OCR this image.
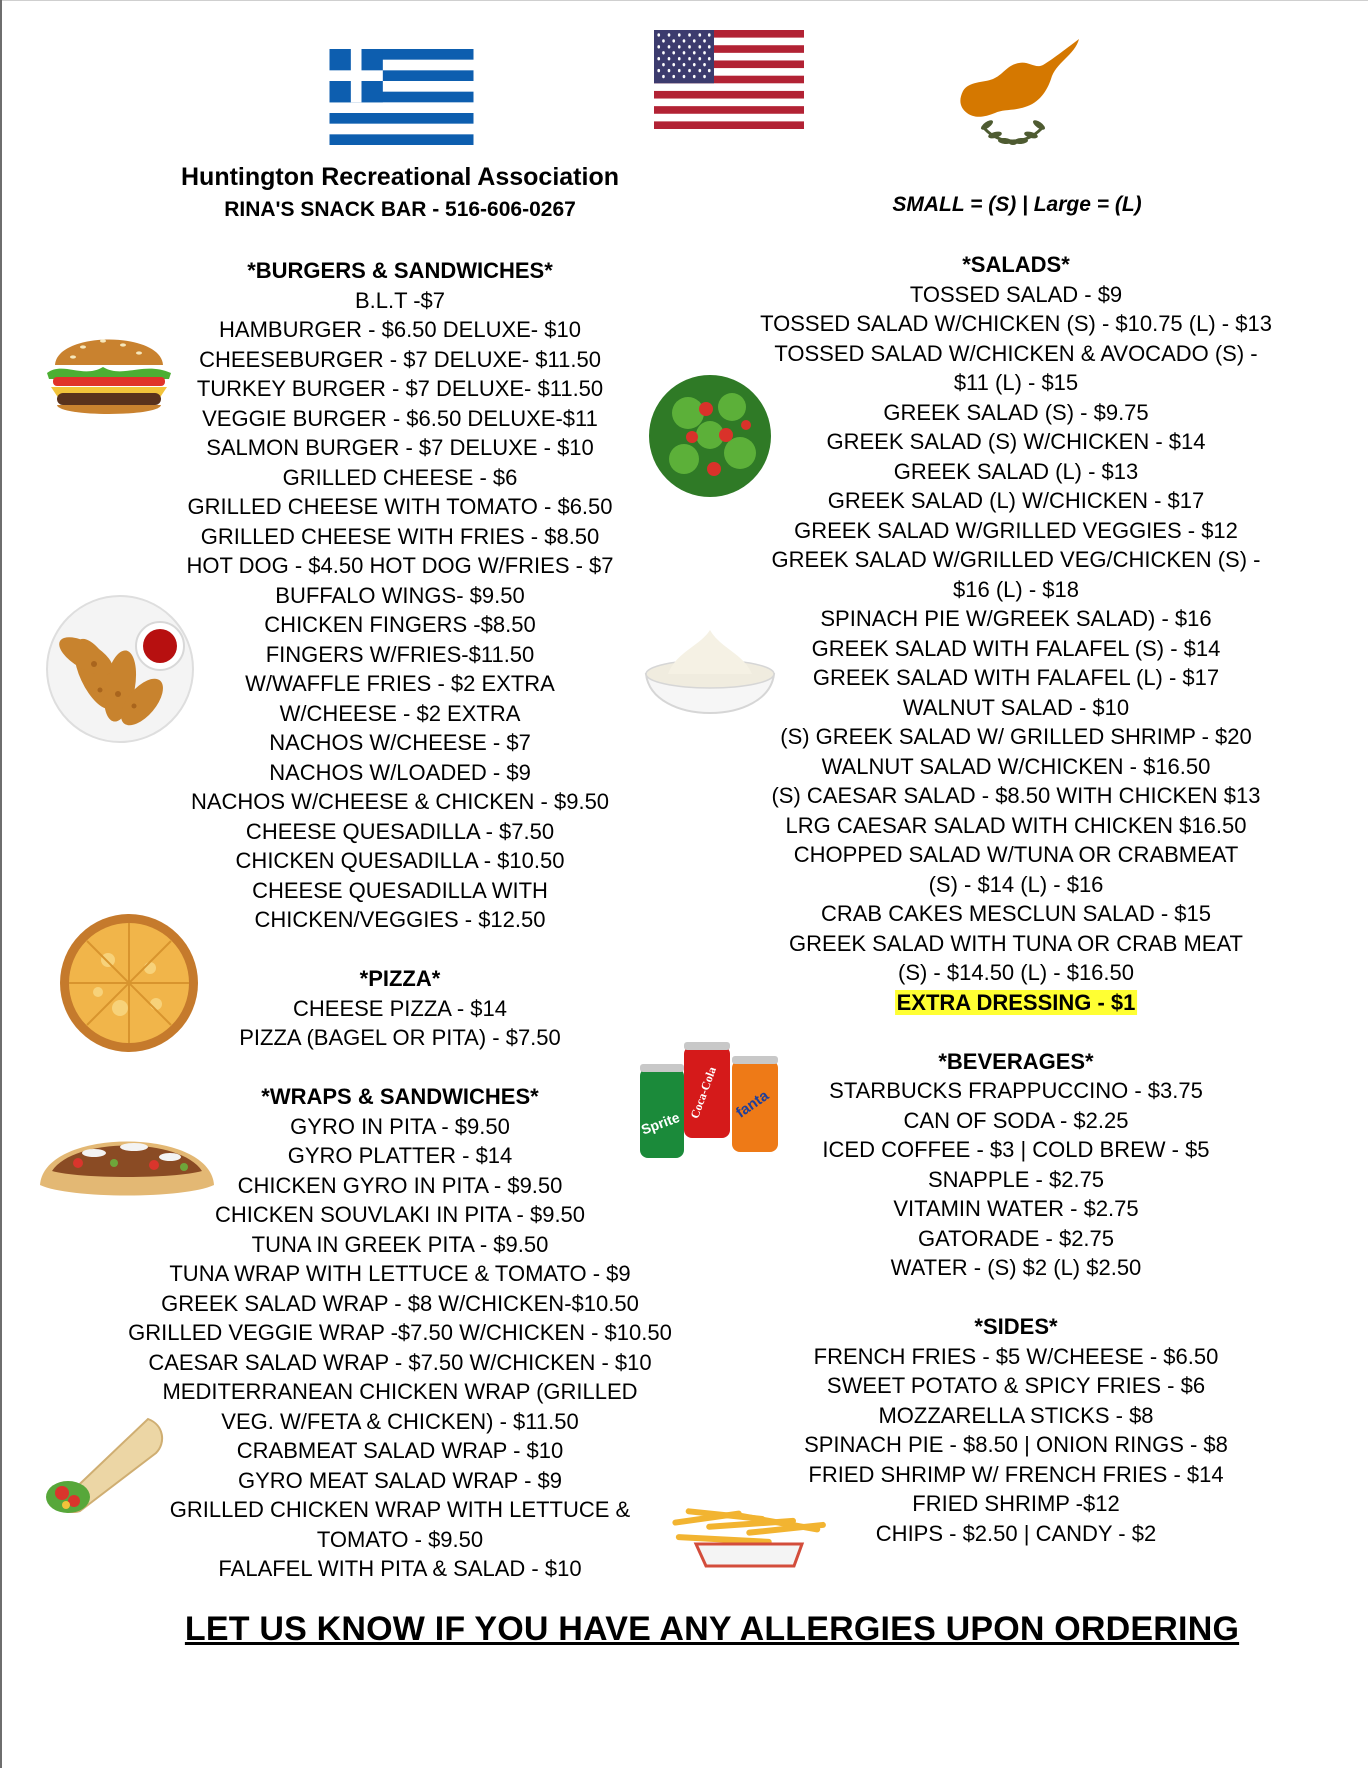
Huntington Recreational Association
RINA'S SNACK BAR - 516-606-0267	SMALL = (S) | Large = (L)
*BURGERS & SANDWICHES*
B.L.T -$7
HAMBURGER - $6.50 DELUXE- $10
CHEESEBURGER - $7 DELUXE- $11.50
TURKEY BURGER - $7 DELUXE- $11.50
VEGGIE BURGER - $6.50 DELUXE-$11
SALMON BURGER - $7 DELUXE - $10
GRILLED CHEESE - $6
GRILLED CHEESE WITH TOMATO - $6.50
GRILLED CHEESE WITH FRIES - $8.50
HOT DOG - $4.50 HOT DOG W/FRIES - $7
BUFFALO WINGS- $9.50
CHICKEN FINGERS -$8.50
FINGERS W/FRIES-$11.50
W/WAFFLE FRIES - $2 EXTRA
W/CHEESE - $2 EXTRA
NACHOS W/CHEESE - $7
NACHOS W/LOADED - $9
NACHOS W/CHEESE & CHICKEN - $9.50
CHEESE QUESADILLA - $7.50
CHICKEN QUESADILLA - $10.50
CHEESE QUESADILLA WITH
CHICKEN/VEGGIES - $12.50
*PIZZA*
CHEESE PIZZA - $14
PIZZA (BAGEL OR PITA) - $7.50
*WRAPS & SANDWICHES*
GYRO IN PITA - $9.50
GYRO PLATTER - $14
CHICKEN GYRO IN PITA - $9.50
CHICKEN SOUVLAKI IN PITA - $9.50
TUNA IN GREEK PITA - $9.50
TUNA WRAP WITH LETTUCE & TOMATO - $9
GREEK SALAD WRAP - $8 W/CHICKEN-$10.50
GRILLED VEGGIE WRAP -$7.50 W/CHICKEN - $10.50
CAESAR SALAD WRAP - $7.50 W/CHICKEN - $10
MEDITERRANEAN CHICKEN WRAP (GRILLED
VEG. W/FETA & CHICKEN) - $11.50
CRABMEAT SALAD WRAP - $10
GYRO MEAT SALAD WRAP - $9
GRILLED CHICKEN WRAP WITH LETTUCE &
TOMATO - $9.50
FALAFEL WITH PITA & SALAD - $10
*SALADS*
TOSSED SALAD - $9
TOSSED SALAD W/CHICKEN (S) - $10.75 (L) - $13
TOSSED SALAD W/CHICKEN & AVOCADO (S) -
$11 (L) - $15
GREEK SALAD (S) - $9.75
GREEK SALAD (S) W/CHICKEN - $14
GREEK SALAD (L) - $13
GREEK SALAD (L) W/CHICKEN - $17
GREEK SALAD W/GRILLED VEGGIES - $12
GREEK SALAD W/GRILLED VEG/CHICKEN (S) -
$16 (L) - $18
SPINACH PIE W/GREEK SALAD) - $16
GREEK SALAD WITH FALAFEL (S) - $14
GREEK SALAD WITH FALAFEL (L) - $17
WALNUT SALAD - $10
(S) GREEK SALAD W/ GRILLED SHRIMP - $20
WALNUT SALAD W/CHICKEN - $16.50
(S) CAESAR SALAD - $8.50 WITH CHICKEN $13
LRG CAESAR SALAD WITH CHICKEN $16.50
CHOPPED SALAD W/TUNA OR CRABMEAT
(S) - $14 (L) - $16
CRAB CAKES MESCLUN SALAD - $15
GREEK SALAD WITH TUNA OR CRAB MEAT
(S) - $14.50 (L) - $16.50
EXTRA DRESSING - $1
*BEVERAGES*
STARBUCKS FRAPPUCCINO - $3.75
CAN OF SODA - $2.25
ICED COFFEE - $3 | COLD BREW - $5
SNAPPLE - $2.75
VITAMIN WATER - $2.75
GATORADE - $2.75
WATER - (S) $2 (L) $2.50
*SIDES*
FRENCH FRIES - $5 W/CHEESE - $6.50
SWEET POTATO & SPICY FRIES - $6
MOZZARELLA STICKS - $8
SPINACH PIE - $8.50 | ONION RINGS - $8
FRIED SHRIMP W/ FRENCH FRIES - $14
FRIED SHRIMP -$12
CHIPS - $2.50 | CANDY - $2
Sprite
Coca-Cola fanta
LET US KNOW IF YOU HAVE ANY ALLERGIES UPON ORDERING
